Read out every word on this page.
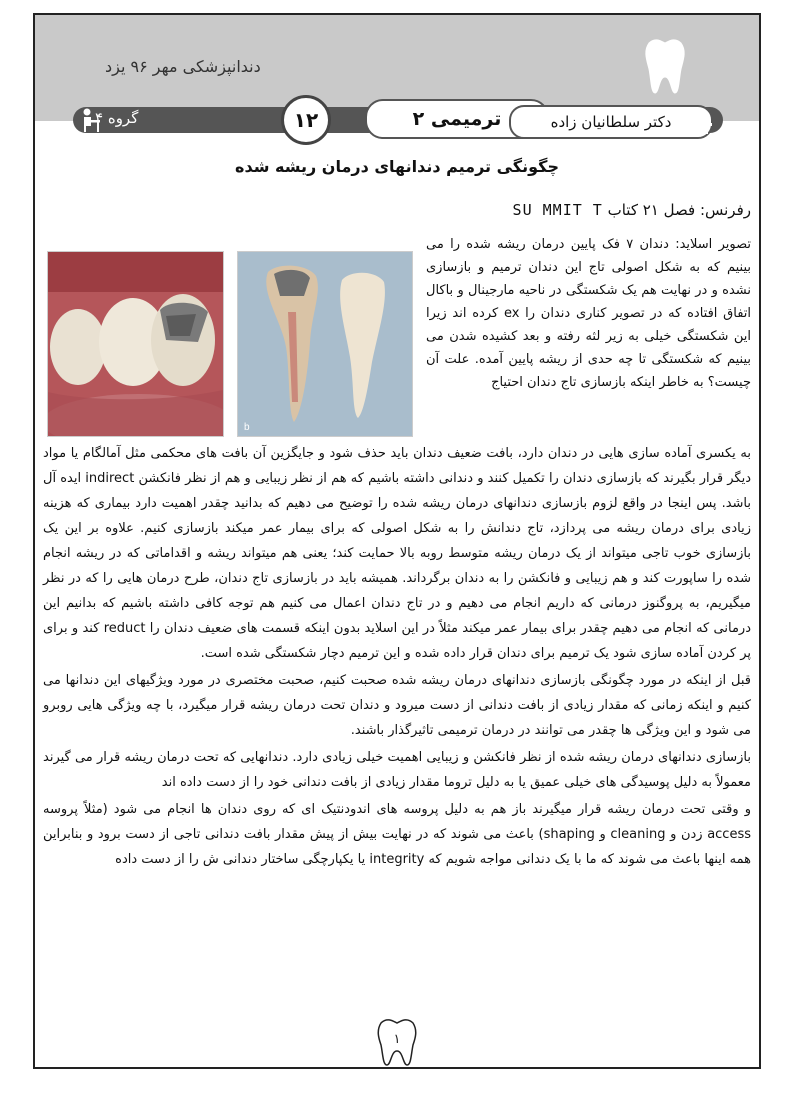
دندانپزشکی مهر ۹۶ یزد
گروه ۴	۱۲	ترمیمی ۲	دکتر سلطانیان زاده
چگونگی ترمیم دندانهای درمان ریشه شده
رفرنس: فصل ۲۱ کتاب SU MMIT T
b
تصویر اسلاید: دندان ۷ فک پایین درمان ریشه شده را می بینیم که به شکل اصولی تاج این دندان ترمیم و بازسازی نشده و در نهایت هم یک شکستگی در ناحیه مارجینال و باکال اتفاق افتاده که در تصویر کناری دندان را ex کرده اند زیرا این شکستگی خیلی به زیر لثه رفته و بعد کشیده شدن می بینیم که شکستگی تا چه حدی از ریشه پایین آمده. علت آن چیست؟ به خاطر اینکه بازسازی تاج دندان احتیاج

به یکسری آماده سازی هایی در دندان دارد، بافت ضعیف دندان باید حذف شود و جایگزین آن بافت های محکمی مثل آمالگام یا مواد دیگر قرار بگیرند که بازسازی دندان را تکمیل کنند و دندانی داشته باشیم که هم از نظر زیبایی و هم از نظر فانکشن indirect ایده آل باشد. پس اینجا در واقع لزوم بازسازی دندانهای درمان ریشه شده را توضیح می دهیم که بدانید چقدر اهمیت دارد بیماری که هزینه زیادی برای درمان ریشه می پردازد، تاج دندانش را به شکل اصولی که برای بیمار عمر میکند بازسازی کنیم. علاوه بر این یک بازسازی خوب تاجی میتواند از یک درمان ریشه متوسط روبه بالا حمایت کند؛ یعنی هم میتواند ریشه و اقداماتی که در ریشه انجام شده را ساپورت کند و هم زیبایی و فانکشن را به دندان برگرداند. همیشه باید در بازسازی تاج دندان، طرح درمان هایی را که در نظر میگیریم، به پروگنوز درمانی که داریم انجام می دهیم و در تاج دندان اعمال می کنیم هم توجه کافی داشته باشیم که بدانیم این درمانی که انجام می دهیم چقدر برای بیمار عمر میکند مثلاً در این اسلاید بدون اینکه قسمت های ضعیف دندان را reduct کند و برای پر کردن آماده سازی شود یک ترمیم برای دندان قرار داده شده و این ترمیم دچار شکستگی شده است.

قبل از اینکه در مورد چگونگی بازسازی دندانهای درمان ریشه شده صحبت کنیم، صحبت مختصری در مورد ویژگیهای این دندانها می کنیم و اینکه زمانی که مقدار زیادی از بافت دندانی از دست میرود و دندان تحت درمان ریشه قرار میگیرد، با چه ویژگی هایی روبرو می شود و این ویژگی ها چقدر می توانند در درمان ترمیمی تاثیرگذار باشند.

بازسازی دندانهای درمان ریشه شده از نظر فانکشن و زیبایی اهمیت خیلی زیادی دارد. دندانهایی که تحت درمان ریشه قرار می گیرند معمولاً به دلیل پوسیدگی های خیلی عمیق یا به دلیل تروما مقدار زیادی از بافت دندانی خود را از دست داده اند

و وقتی تحت درمان ریشه قرار میگیرند باز هم به دلیل پروسه های اندودنتیک ای که روی دندان ها انجام می شود (مثلاً پروسه access زدن و cleaning و shaping) باعث می شوند که در نهایت بیش از پیش مقدار بافت دندانی تاجی از دست برود و بنابراین همه اینها باعث می شوند که ما با یک دندانی مواجه شویم که integrity یا یکپارچگی ساختار دندانی ش را از دست داده

۱
